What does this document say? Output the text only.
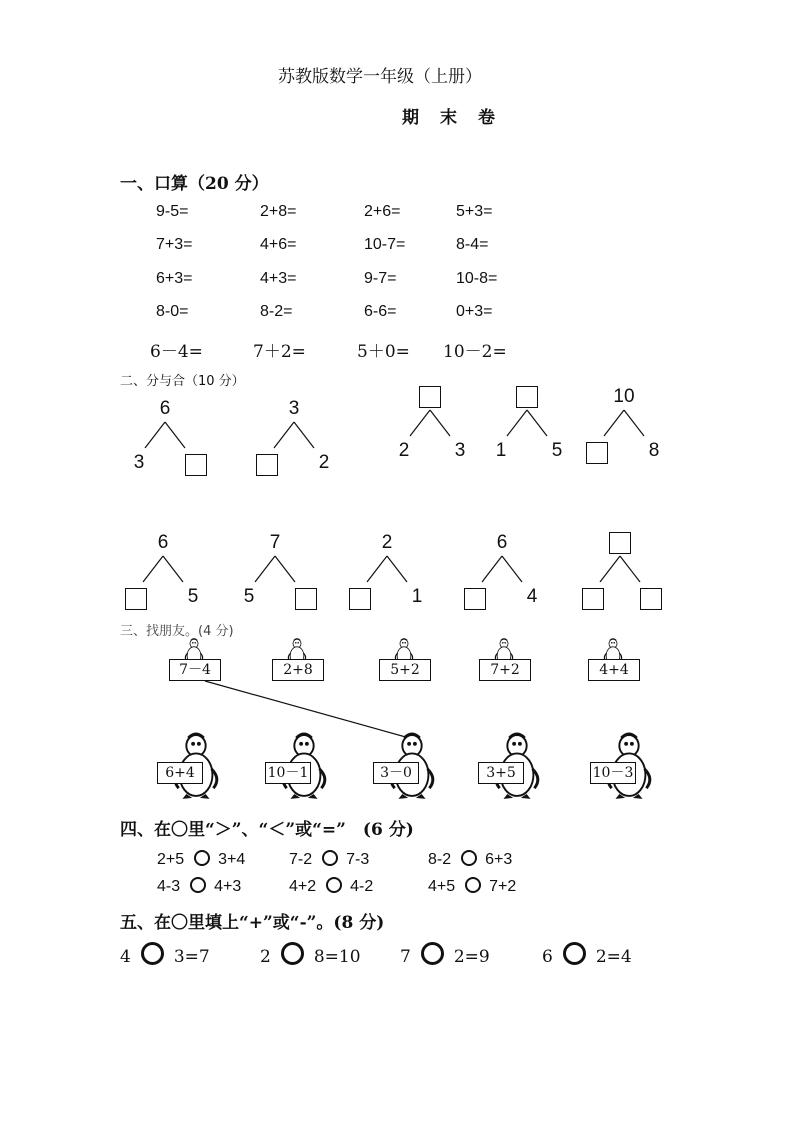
苏教版数学一年级（上册）
期　末　卷
一、口算（20 分）
9-5=	2+8=	2+6=	5+3=
7+3=	4+6=	10-7=	8-4=
6+3=	4+3=	9-7=	10-8=
8-0=	8-2=	6-6=	0+3=
6－4=	7＋2=	5＋0= 10－2=
二、分与合（10 分）
6
3
3
2
2	3	1	5
10
8
6
5
7
5
2
1
6
4
三、找朋友。(4 分)
7－4	2+8	5+2	7+2	4+4
6+4	10－1	3－0	3+5	10－3
四、在〇里“＞”、“＜”或“=”　(6 分)
2+5 3+4	7-2 7-3	8-2 6+3
4-3 4+3	4+2 4-2	4+5 7+2
五、在〇里填上“+”或“-”。(8 分)
4	3=7	2	8=10 7	2=9	6	2=4
